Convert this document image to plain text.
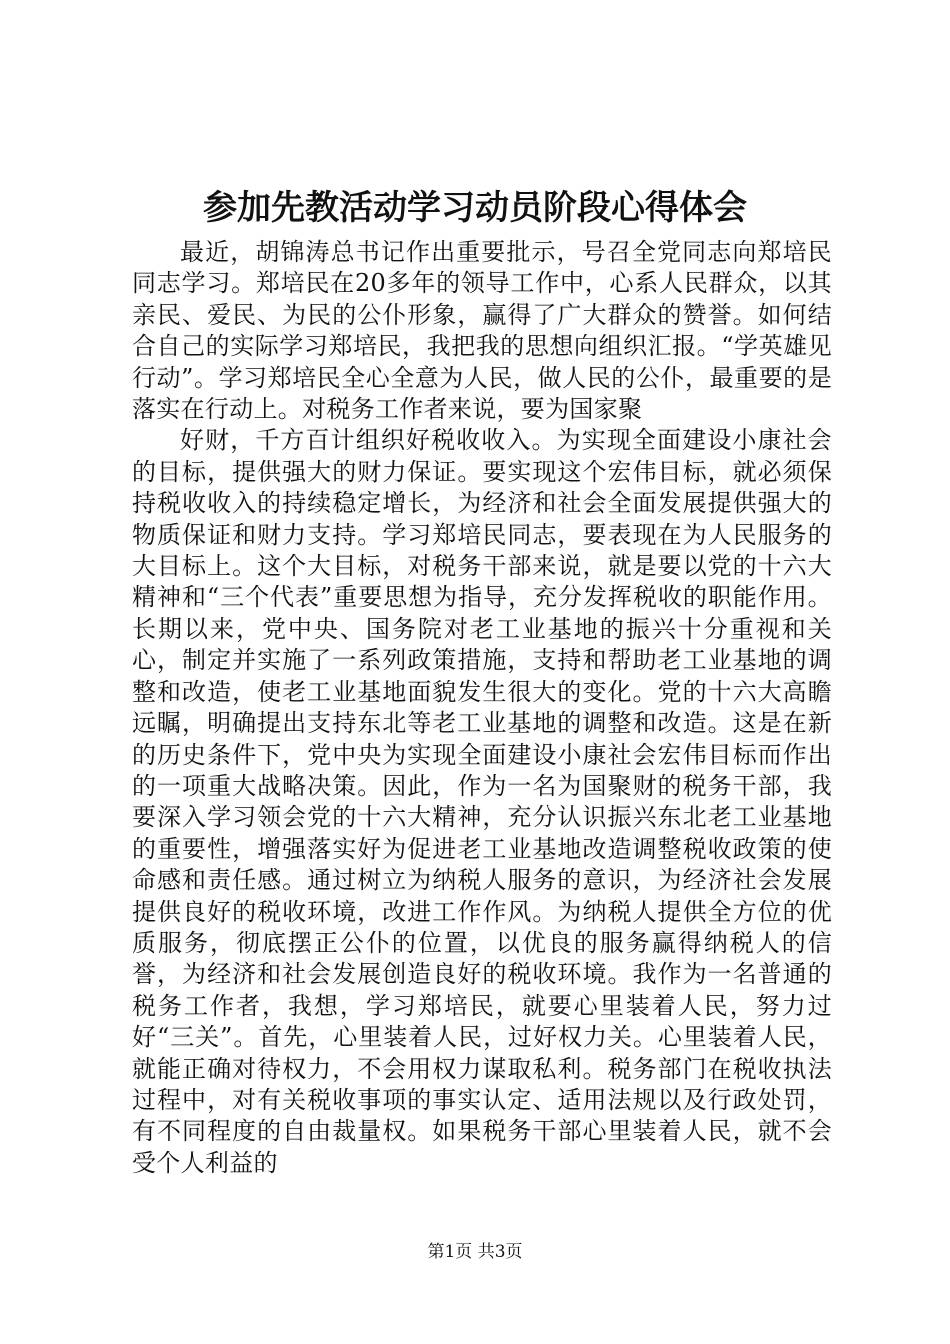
参加先教活动学习动员阶段心得体会

最近，胡锦涛总书记作出重要批示，号召全党同志向郑培民同志学习。郑培民在20多年的领导工作中，心系人民群众，以其亲民、爱民、为民的公仆形象，赢得了广大群众的赞誉。如何结合自己的实际学习郑培民，我把我的思想向组织汇报。“学英雄见行动”。学习郑培民全心全意为人民，做人民的公仆，最重要的是落实在行动上。对税务工作者来说，要为国家聚

好财，千方百计组织好税收收入。为实现全面建设小康社会的目标，提供强大的财力保证。要实现这个宏伟目标，就必须保持税收收入的持续稳定增长，为经济和社会全面发展提供强大的物质保证和财力支持。学习郑培民同志，要表现在为人民服务的大目标上。这个大目标，对税务干部来说，就是要以党的十六大精神和“三个代表”重要思想为指导，充分发挥税收的职能作用。长期以来，党中央、国务院对老工业基地的振兴十分重视和关心，制定并实施了一系列政策措施，支持和帮助老工业基地的调整和改造，使老工业基地面貌发生很大的变化。党的十六大高瞻远瞩，明确提出支持东北等老工业基地的调整和改造。这是在新的历史条件下，党中央为实现全面建设小康社会宏伟目标而作出的一项重大战略决策。因此，作为一名为国聚财的税务干部，我要深入学习领会党的十六大精神，充分认识振兴东北老工业基地的重要性，增强落实好为促进老工业基地改造调整税收政策的使命感和责任感。通过树立为纳税人服务的意识，为经济社会发展提供良好的税收环境，改进工作作风。为纳税人提供全方位的优质服务，彻底摆正公仆的位置，以优良的服务赢得纳税人的信誉，为经济和社会发展创造良好的税收环境。我作为一名普通的税务工作者，我想，学习郑培民，就要心里装着人民，努力过好“三关”。首先，心里装着人民，过好权力关。心里装着人民，就能正确对待权力，不会用权力谋取私利。税务部门在税收执法过程中，对有关税收事项的事实认定、适用法规以及行政处罚，有不同程度的自由裁量权。如果税务干部心里装着人民，就不会受个人利益的

第1页 共3页
